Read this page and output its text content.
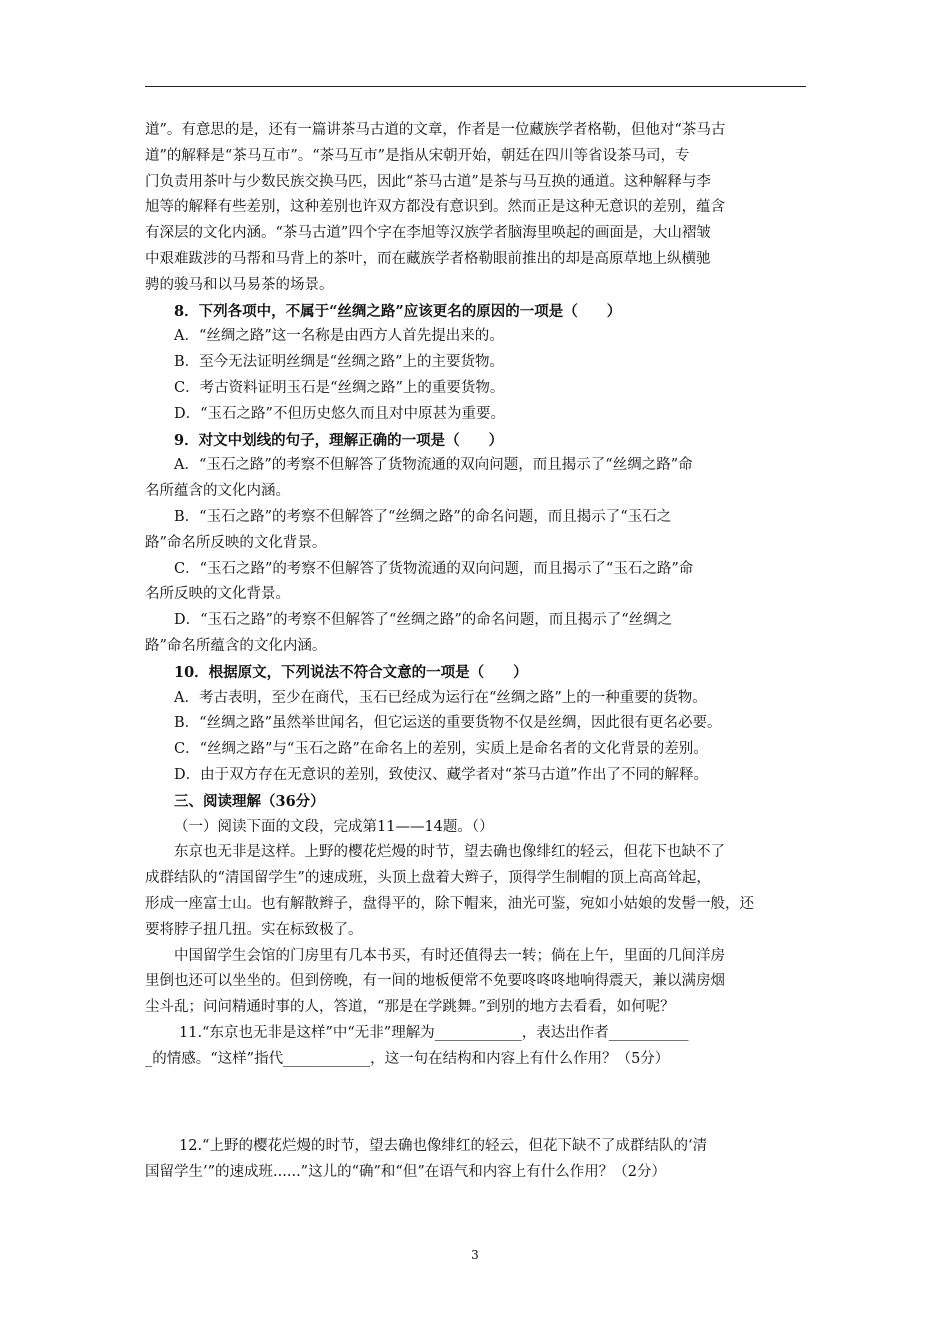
道”。有意思的是，还有一篇讲茶马古道的文章，作者是一位藏族学者格勒，但他对“茶马古
道”的解释是“茶马互市”。“茶马互市”是指从宋朝开始，朝廷在四川等省设茶马司，专
门负责用茶叶与少数民族交换马匹，因此“茶马古道”是茶与马互换的通道。这种解释与李
旭等的解释有些差别，这种差别也许双方都没有意识到。然而正是这种无意识的差别，蕴含
有深层的文化内涵。“茶马古道”四个字在李旭等汉族学者脑海里唤起的画面是，大山褶皱
中艰难跋涉的马帮和马背上的茶叶，而在藏族学者格勒眼前推出的却是高原草地上纵横驰
骋的骏马和以马易茶的场景。
8．下列各项中，不属于“丝绸之路”应该更名的原因的一项是（　　）
A．“丝绸之路”这一名称是由西方人首先提出来的。
B．至今无法证明丝绸是“丝绸之路”上的主要货物。
C．考古资料证明玉石是“丝绸之路”上的重要货物。
D．“玉石之路”不但历史悠久而且对中原甚为重要。
9．对文中划线的句子，理解正确的一项是（　　）
A．“玉石之路”的考察不但解答了货物流通的双向问题，而且揭示了“丝绸之路”命
名所蕴含的文化内涵。
B．“玉石之路”的考察不但解答了“丝绸之路”的命名问题，而且揭示了“玉石之
路”命名所反映的文化背景。
C．“玉石之路”的考察不但解答了货物流通的双向问题，而且揭示了“玉石之路”命
名所反映的文化背景。
D．“玉石之路”的考察不但解答了“丝绸之路”的命名问题，而且揭示了“丝绸之
路”命名所蕴含的文化内涵。
10．根据原文，下列说法不符合文意的一项是（　　）
A．考古表明，至少在商代，玉石已经成为运行在“丝绸之路”上的一种重要的货物。
B．“丝绸之路”虽然举世闻名，但它运送的重要货物不仅是丝绸，因此很有更名必要。
C．“丝绸之路”与“玉石之路”在命名上的差别，实质上是命名者的文化背景的差别。
D．由于双方存在无意识的差别，致使汉、藏学者对“茶马古道”作出了不同的解释。
三、阅读理解（36分）
（一）阅读下面的文段，完成第11——14题。（）
东京也无非是这样。上野的樱花烂熳的时节，望去确也像绯红的轻云，但花下也缺不了
成群结队的“清国留学生”的速成班，头顶上盘着大辫子，顶得学生制帽的顶上高高耸起，
形成一座富士山。也有解散辫子，盘得平的，除下帽来，油光可鉴，宛如小姑娘的发髻一般，还
要将脖子扭几扭。实在标致极了。
中国留学生会馆的门房里有几本书买，有时还值得去一转；倘在上午，里面的几间洋房
里倒也还可以坐坐的。但到傍晚，有一间的地板便常不免要咚咚咚地响得震天，兼以满房烟
尘斗乱；问问精通时事的人，答道，“那是在学跳舞。”到别的地方去看看，如何呢？
11.“东京也无非是这样”中“无非”理解为____________，表达出作者___________
_的情感。“这样”指代____________，这一句在结构和内容上有什么作用？（5分）
12.“上野的樱花烂熳的时节，望去确也像绯红的轻云，但花下缺不了成群结队的‘清
国留学生’”的速成班......”这儿的“确”和“但”在语气和内容上有什么作用？（2分）
3
